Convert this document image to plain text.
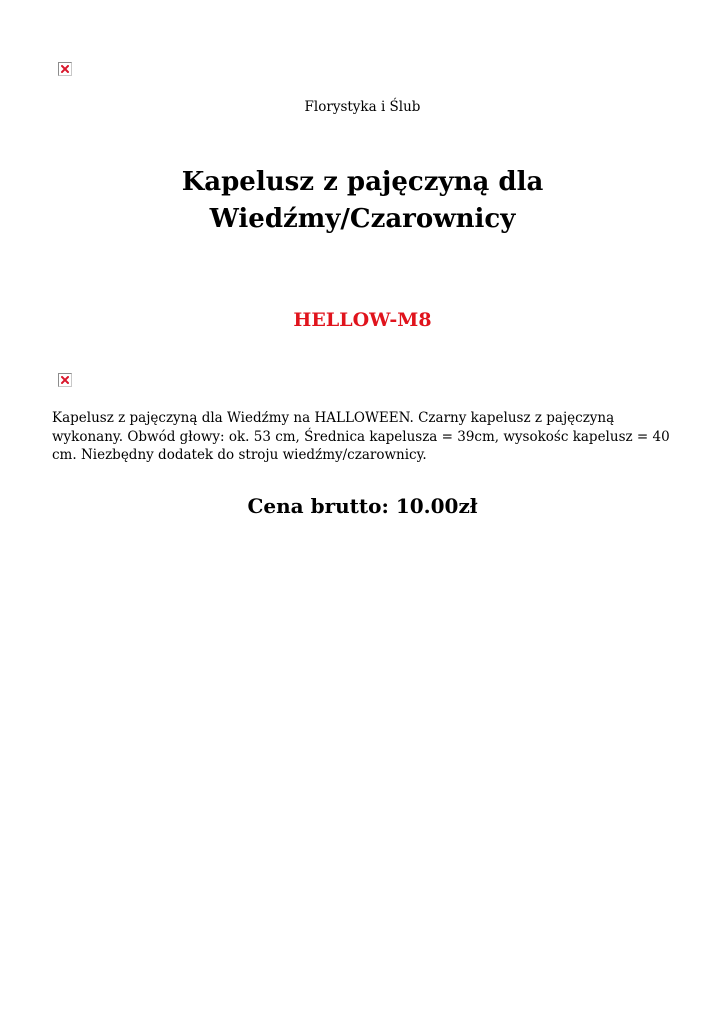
Florystyka i Ślub
Kapelusz z pajęczyną dla
Wiedźmy/Czarownicy
HELLOW-M8

Kapelusz z pajęczyną dla Wiedźmy na HALLOWEEN. Czarny kapelusz z pajęczyną wykonany. Obwód głowy: ok. 53 cm, Średnica kapelusza = 39cm, wysokośc kapelusz = 40 cm. Niezbędny dodatek do stroju wiedźmy/czarownicy.

Cena brutto: 10.00zł
